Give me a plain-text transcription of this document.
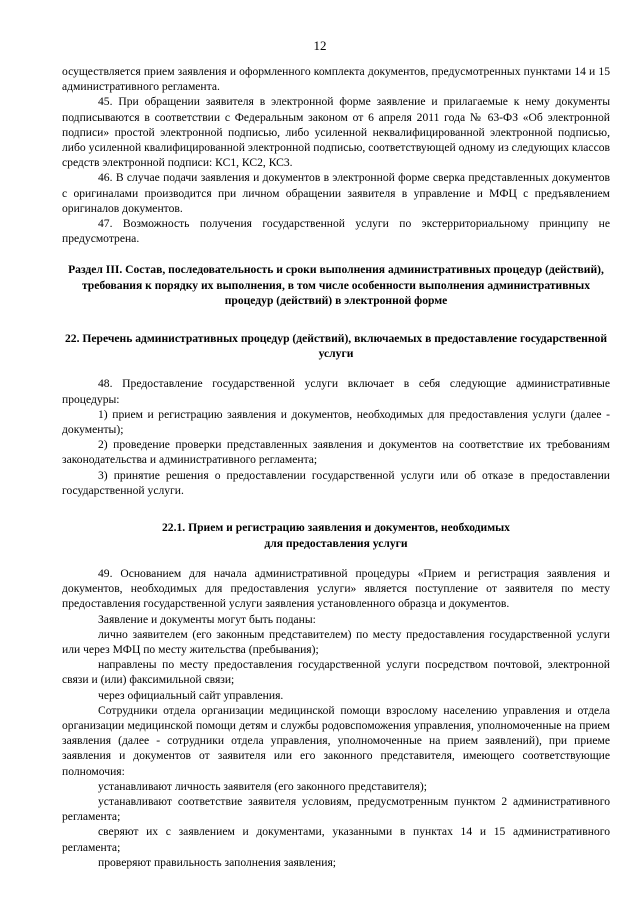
12

осуществляется прием заявления и оформленного комплекта документов, предусмотренных пунктами 14 и 15 административного регламента.

45. При обращении заявителя в электронной форме заявление и прилагаемые к нему документы подписываются в соответствии с Федеральным законом от 6 апреля 2011 года № 63-ФЗ «Об электронной подписи» простой электронной подписью, либо усиленной неквалифицированной электронной подписью, либо усиленной квалифицированной электронной подписью, соответствующей одному из следующих классов средств электронной подписи: КС1, КС2, КС3.

46. В случае подачи заявления и документов в электронной форме сверка представленных документов с оригиналами производится при личном обращении заявителя в управление и МФЦ с предъявлением оригиналов документов.

47. Возможность получения государственной услуги по экстерриториальному принципу не предусмотрена.

Раздел III. Состав, последовательность и сроки выполнения административных процедур (действий), требования к порядку их выполнения, в том числе особенности выполнения административных процедур (действий) в электронной форме

22. Перечень административных процедур (действий), включаемых в предоставление государственной услуги

48. Предоставление государственной услуги включает в себя следующие административные процедуры:

1) прием и регистрацию заявления и документов, необходимых для предоставления услуги (далее - документы);

2) проведение проверки представленных заявления и документов на соответствие их требованиям законодательства и административного регламента;

3) принятие решения о предоставлении государственной услуги или об отказе в предоставлении государственной услуги.

22.1. Прием и регистрацию заявления и документов, необходимых
для предоставления услуги

49. Основанием для начала административной процедуры «Прием и регистрация заявления и документов, необходимых для предоставления услуги» является поступление от заявителя по месту предоставления государственной услуги заявления установленного образца и документов.

Заявление и документы могут быть поданы:

лично заявителем (его законным представителем) по месту предоставления государственной услуги или через МФЦ по месту жительства (пребывания);

направлены по месту предоставления государственной услуги посредством почтовой, электронной связи и (или) факсимильной связи;

через официальный сайт управления.

Сотрудники отдела организации медицинской помощи взрослому населению управления и отдела организации медицинской помощи детям и службы родовспоможения управления, уполномоченные на прием заявления (далее - сотрудники отдела управления, уполномоченные на прием заявлений), при приеме заявления и документов от заявителя или его законного представителя, имеющего соответствующие полномочия:

устанавливают личность заявителя (его законного представителя);

устанавливают соответствие заявителя условиям, предусмотренным пунктом 2 административного регламента;

сверяют их с заявлением и документами, указанными в пунктах 14 и 15 административного регламента;

проверяют правильность заполнения заявления;
